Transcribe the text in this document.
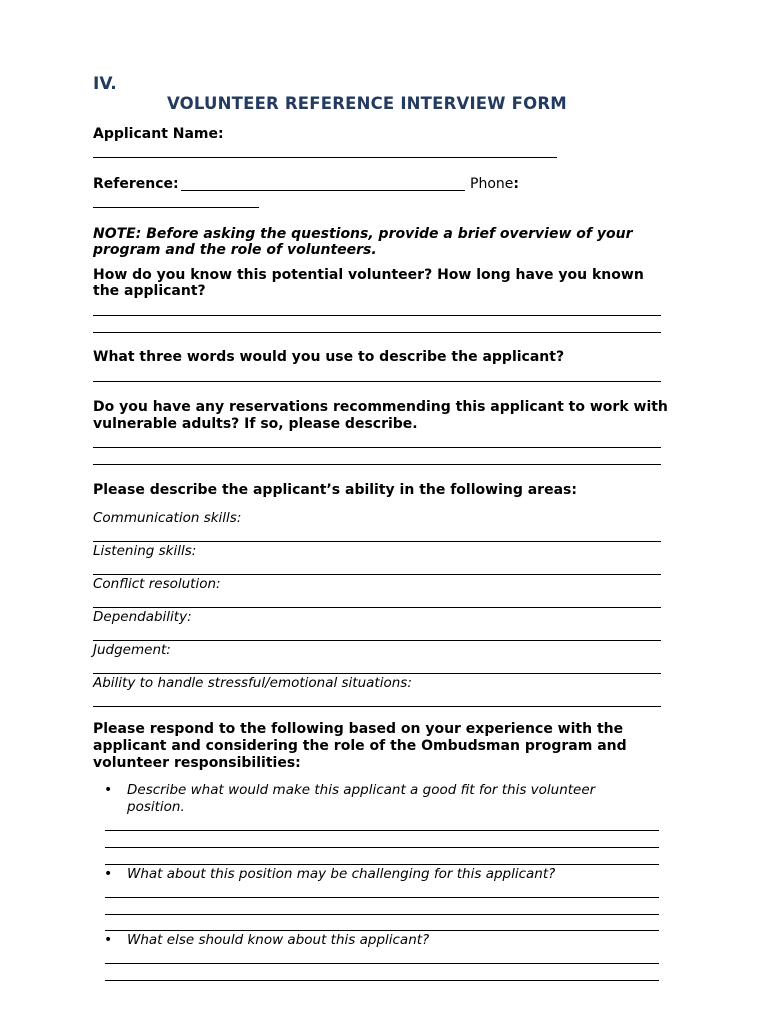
IV.
VOLUNTEER REFERENCE INTERVIEW FORM
Applicant Name:
Reference:	Phone:
NOTE: Before asking the questions, provide a brief overview of your
program and the role of volunteers.
How do you know this potential volunteer? How long have you known
the applicant?
What three words would you use to describe the applicant?
Do you have any reservations recommending this applicant to work with
vulnerable adults? If so, please describe.
Please describe the applicant’s ability in the following areas:
Communication skills:
Listening skills:
Conflict resolution:
Dependability:
Judgement:
Ability to handle stressful/emotional situations:
Please respond to the following based on your experience with the
applicant and considering the role of the Ombudsman program and
volunteer responsibilities:
• Describe what would make this applicant a good fit for this volunteer
position.
• What about this position may be challenging for this applicant?
• What else should know about this applicant?
